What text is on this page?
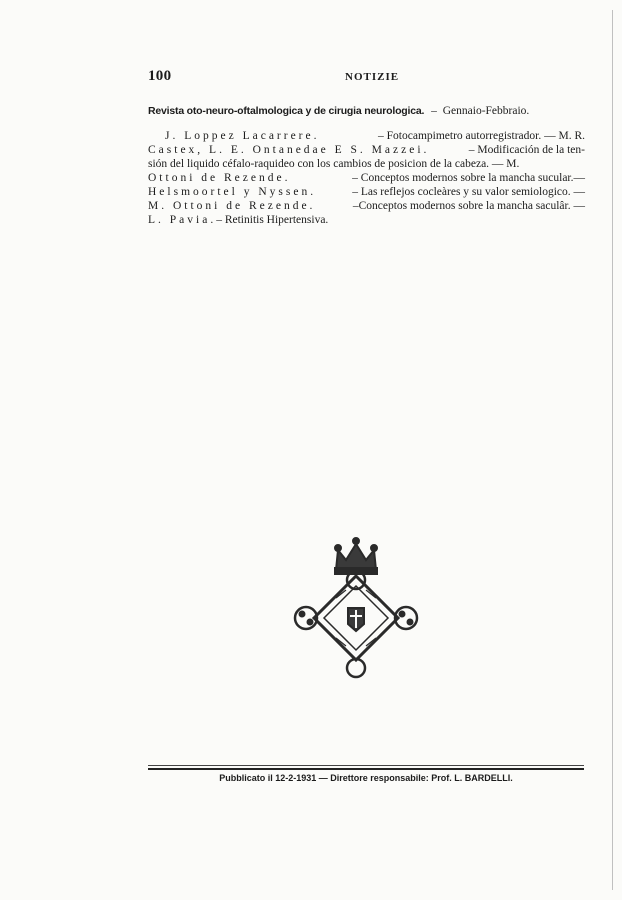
100	NOTIZIE
Revista oto-neuro-oftalmologica y de cirugia neurologica. – Gennaio-Febbraio.
J. Loppez Lacarrere.	– Fotocampimetro autorregistrador. — M. R.
Castex, L. E. Ontanedae E S. Mazzei.	– Modificación de la ten-
sión del liquido céfalo-raquideo con los cambios de posicion de la cabeza. — M.
Ottoni de Rezende.	– Conceptos modernos sobre la mancha sucular.—
Helsmoortel y Nyssen.	– Las reflejos cocleàres y su valor semiologico. —
M. Ottoni de Rezende.	–Conceptos modernos sobre la mancha saculâr. —
L. Pavia. – Retinitis Hipertensiva.
Pubblicato il 12-2-1931 — Direttore responsabile: Prof. L. BARDELLI.
